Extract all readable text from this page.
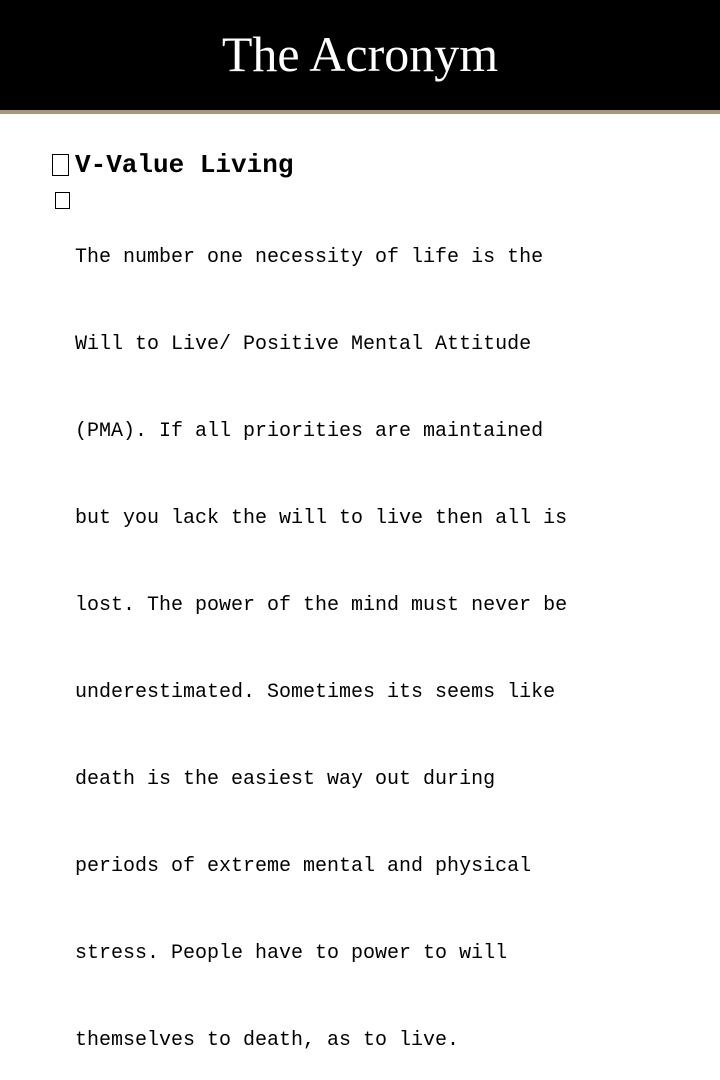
The Acronym
V-Value Living

The number one necessity of life is the

Will to Live/ Positive Mental Attitude

(PMA). If all priorities are maintained

but you lack the will to live then all is

lost. The power of the mind must never be

underestimated. Sometimes its seems like

death is the easiest way out during

periods of extreme mental and physical

stress. People have to power to will

themselves to death, as to live.
